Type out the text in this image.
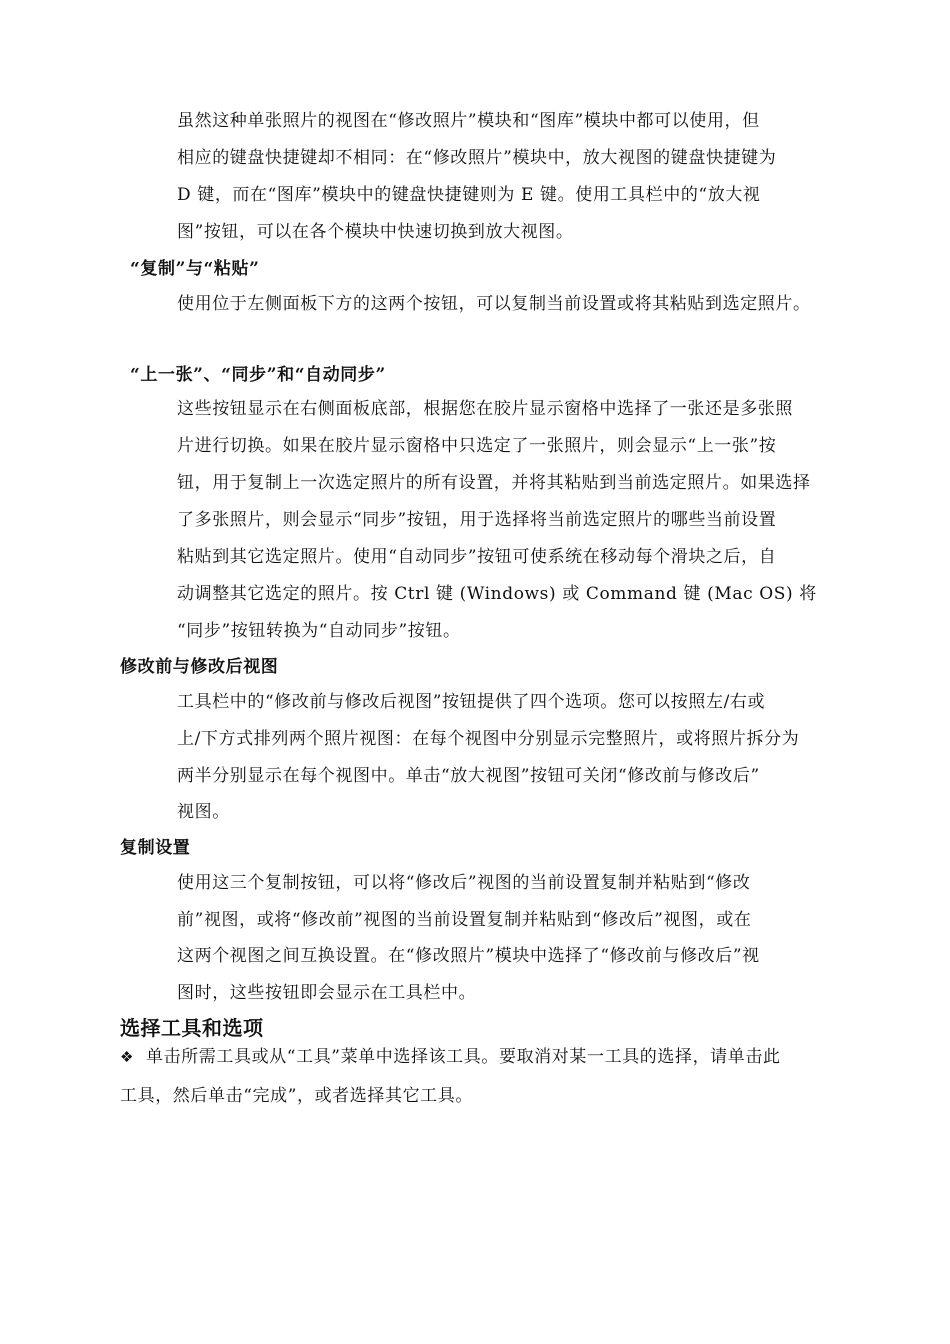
虽然这种单张照片的视图在“修改照片”模块和“图库”模块中都可以使用，但
相应的键盘快捷键却不相同：在“修改照片”模块中，放大视图的键盘快捷键为
D 键，而在“图库”模块中的键盘快捷键则为 E 键。使用工具栏中的“放大视
图”按钮，可以在各个模块中快速切换到放大视图。
“复制”与“粘贴”
使用位于左侧面板下方的这两个按钮，可以复制当前设置或将其粘贴到选定照片。
“上一张”、“同步”和“自动同步”
这些按钮显示在右侧面板底部，根据您在胶片显示窗格中选择了一张还是多张照
片进行切换。如果在胶片显示窗格中只选定了一张照片，则会显示“上一张”按
钮，用于复制上一次选定照片的所有设置，并将其粘贴到当前选定照片。如果选择
了多张照片，则会显示“同步”按钮，用于选择将当前选定照片的哪些当前设置
粘贴到其它选定照片。使用“自动同步”按钮可使系统在移动每个滑块之后，自
动调整其它选定的照片。按 Ctrl 键 (Windows) 或 Command 键 (Mac OS) 将
“同步”按钮转换为“自动同步”按钮。
修改前与修改后视图
工具栏中的“修改前与修改后视图”按钮提供了四个选项。您可以按照左/右或
上/下方式排列两个照片视图：在每个视图中分别显示完整照片，或将照片拆分为
两半分别显示在每个视图中。单击“放大视图”按钮可关闭“修改前与修改后”
视图。
复制设置
使用这三个复制按钮，可以将“修改后”视图的当前设置复制并粘贴到“修改
前”视图，或将“修改前”视图的当前设置复制并粘贴到“修改后”视图，或在
这两个视图之间互换设置。在“修改照片”模块中选择了“修改前与修改后”视
图时，这些按钮即会显示在工具栏中。
选择工具和选项
❖ 单击所需工具或从“工具”菜单中选择该工具。要取消对某一工具的选择，请单击此
工具，然后单击“完成”，或者选择其它工具。
